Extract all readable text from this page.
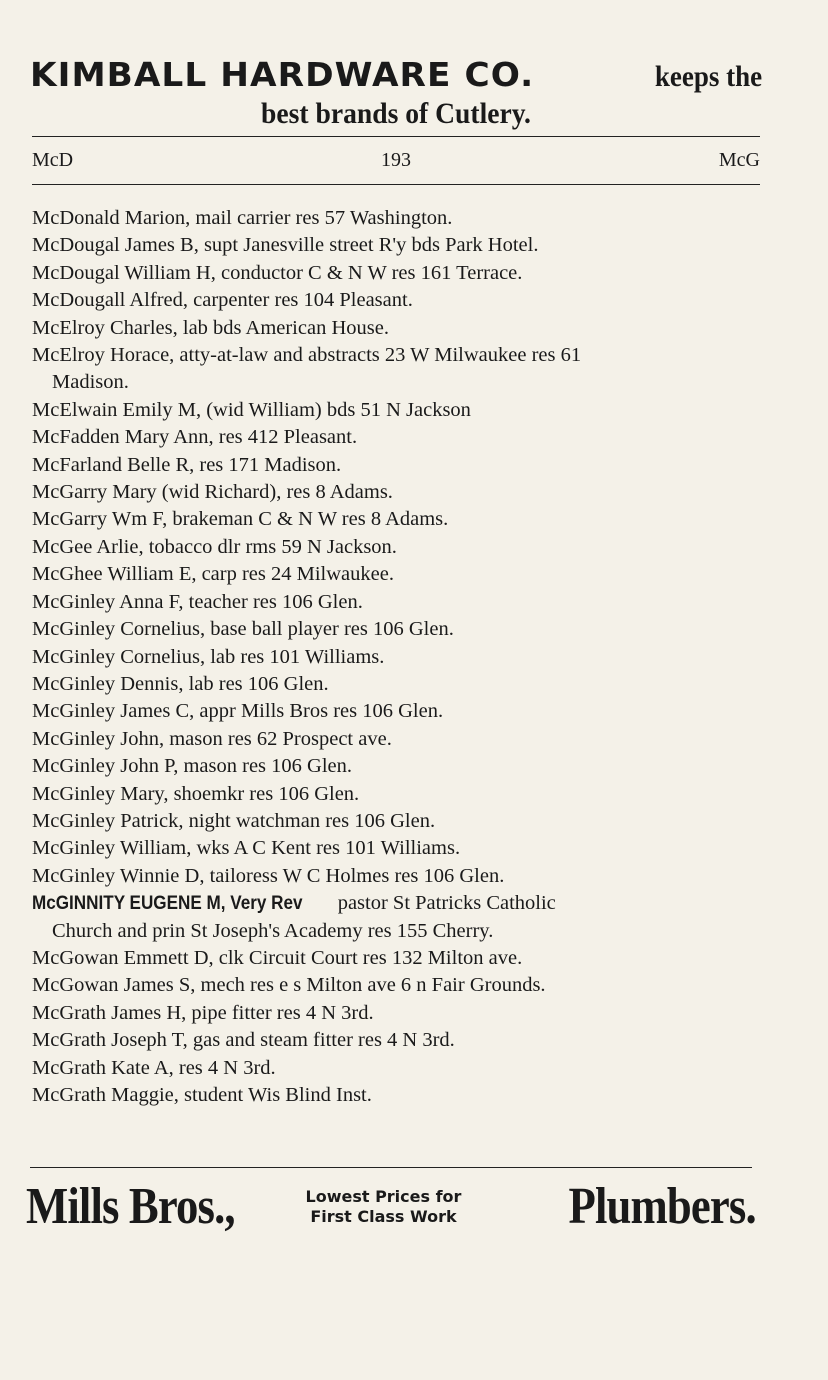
KIMBALL HARDWARE CO.	keeps the
best brands of Cutlery.
McD	193	McG
McDonald Marion, mail carrier res 57 Washington.
McDougal James B, supt Janesville street R'y bds Park Hotel.
McDougal William H, conductor C & N W res 161 Terrace.
McDougall Alfred, carpenter res 104 Pleasant.
McElroy Charles, lab bds American House.
McElroy Horace, atty-at-law and abstracts 23 W Milwaukee res 61
Madison.
McElwain Emily M, (wid William) bds 51 N Jackson
McFadden Mary Ann, res 412 Pleasant.
McFarland Belle R, res 171 Madison.
McGarry Mary (wid Richard), res 8 Adams.
McGarry Wm F, brakeman C & N W res 8 Adams.
McGee Arlie, tobacco dlr rms 59 N Jackson.
McGhee William E, carp res 24 Milwaukee.
McGinley Anna F, teacher res 106 Glen.
McGinley Cornelius, base ball player res 106 Glen.
McGinley Cornelius, lab res 101 Williams.
McGinley Dennis, lab res 106 Glen.
McGinley James C, appr Mills Bros res 106 Glen.
McGinley John, mason res 62 Prospect ave.
McGinley John P, mason res 106 Glen.
McGinley Mary, shoemkr res 106 Glen.
McGinley Patrick, night watchman res 106 Glen.
McGinley William, wks A C Kent res 101 Williams.
McGinley Winnie D, tailoress W C Holmes res 106 Glen.
McGINNITY EUGENE M, Very Rev pastor St Patricks Catholic
Church and prin St Joseph's Academy res 155 Cherry.
McGowan Emmett D, clk Circuit Court res 132 Milton ave.
McGowan James S, mech res e s Milton ave 6 n Fair Grounds.
McGrath James H, pipe fitter res 4 N 3rd.
McGrath Joseph T, gas and steam fitter res 4 N 3rd.
McGrath Kate A, res 4 N 3rd.
McGrath Maggie, student Wis Blind Inst.
Mills Bros.,	Lowest Prices for
First Class Work Plumbers.
